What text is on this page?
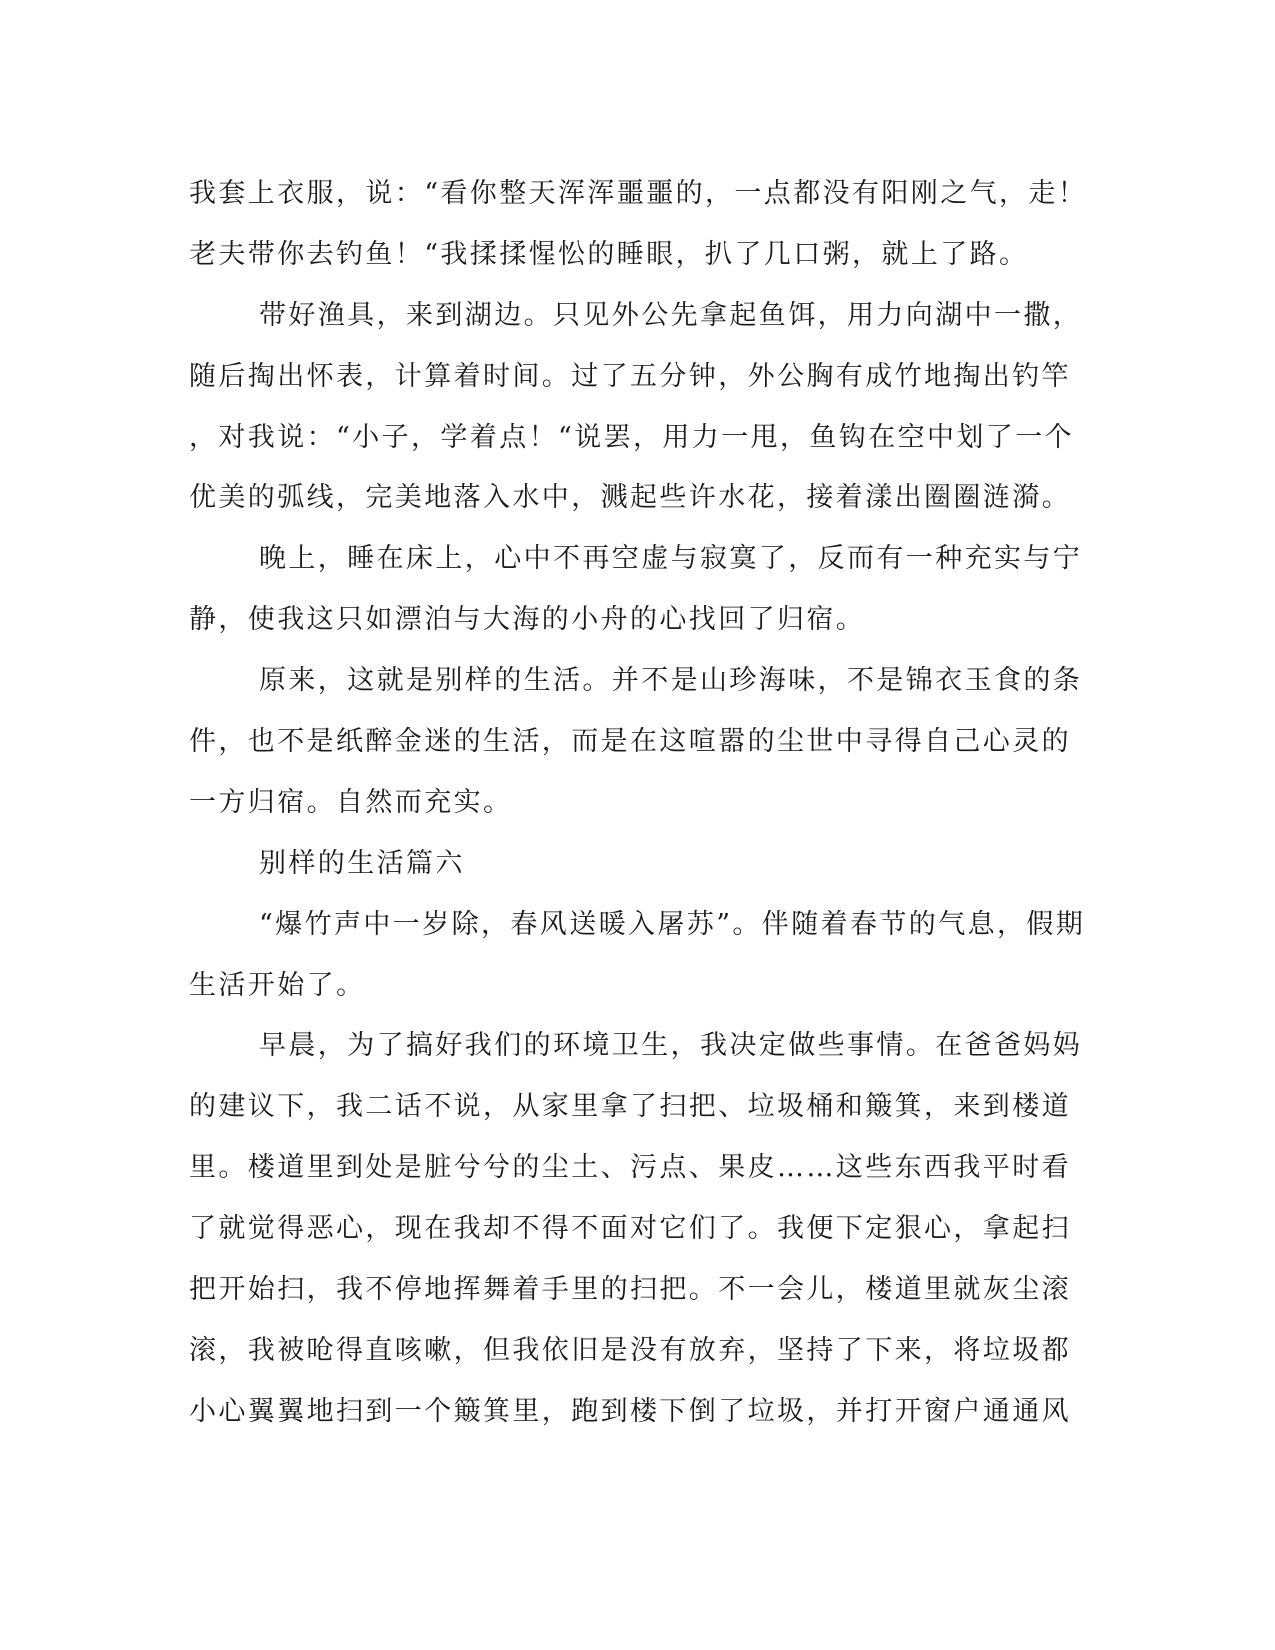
我套上衣服，说：“看你整天浑浑噩噩的，一点都没有阳刚之气，走！
老夫带你去钓鱼！“我揉揉惺忪的睡眼，扒了几口粥，就上了路。
带好渔具，来到湖边。只见外公先拿起鱼饵，用力向湖中一撒，
随后掏出怀表，计算着时间。过了五分钟，外公胸有成竹地掏出钓竿
，对我说：“小子，学着点！“说罢，用力一甩，鱼钩在空中划了一个
优美的弧线，完美地落入水中，溅起些许水花，接着漾出圈圈涟漪。
晚上，睡在床上，心中不再空虚与寂寞了，反而有一种充实与宁
静，使我这只如漂泊与大海的小舟的心找回了归宿。
原来，这就是别样的生活。并不是山珍海味，不是锦衣玉食的条
件，也不是纸醉金迷的生活，而是在这喧嚣的尘世中寻得自己心灵的
一方归宿。自然而充实。
别样的生活篇六
“爆竹声中一岁除，春风送暖入屠苏”。伴随着春节的气息，假期
生活开始了。
早晨，为了搞好我们的环境卫生，我决定做些事情。在爸爸妈妈
的建议下，我二话不说，从家里拿了扫把、垃圾桶和簸箕，来到楼道
里。楼道里到处是脏兮兮的尘土、污点、果皮……这些东西我平时看
了就觉得恶心，现在我却不得不面对它们了。我便下定狠心，拿起扫
把开始扫，我不停地挥舞着手里的扫把。不一会儿，楼道里就灰尘滚
滚，我被呛得直咳嗽，但我依旧是没有放弃，坚持了下来，将垃圾都
小心翼翼地扫到一个簸箕里，跑到楼下倒了垃圾，并打开窗户通通风
